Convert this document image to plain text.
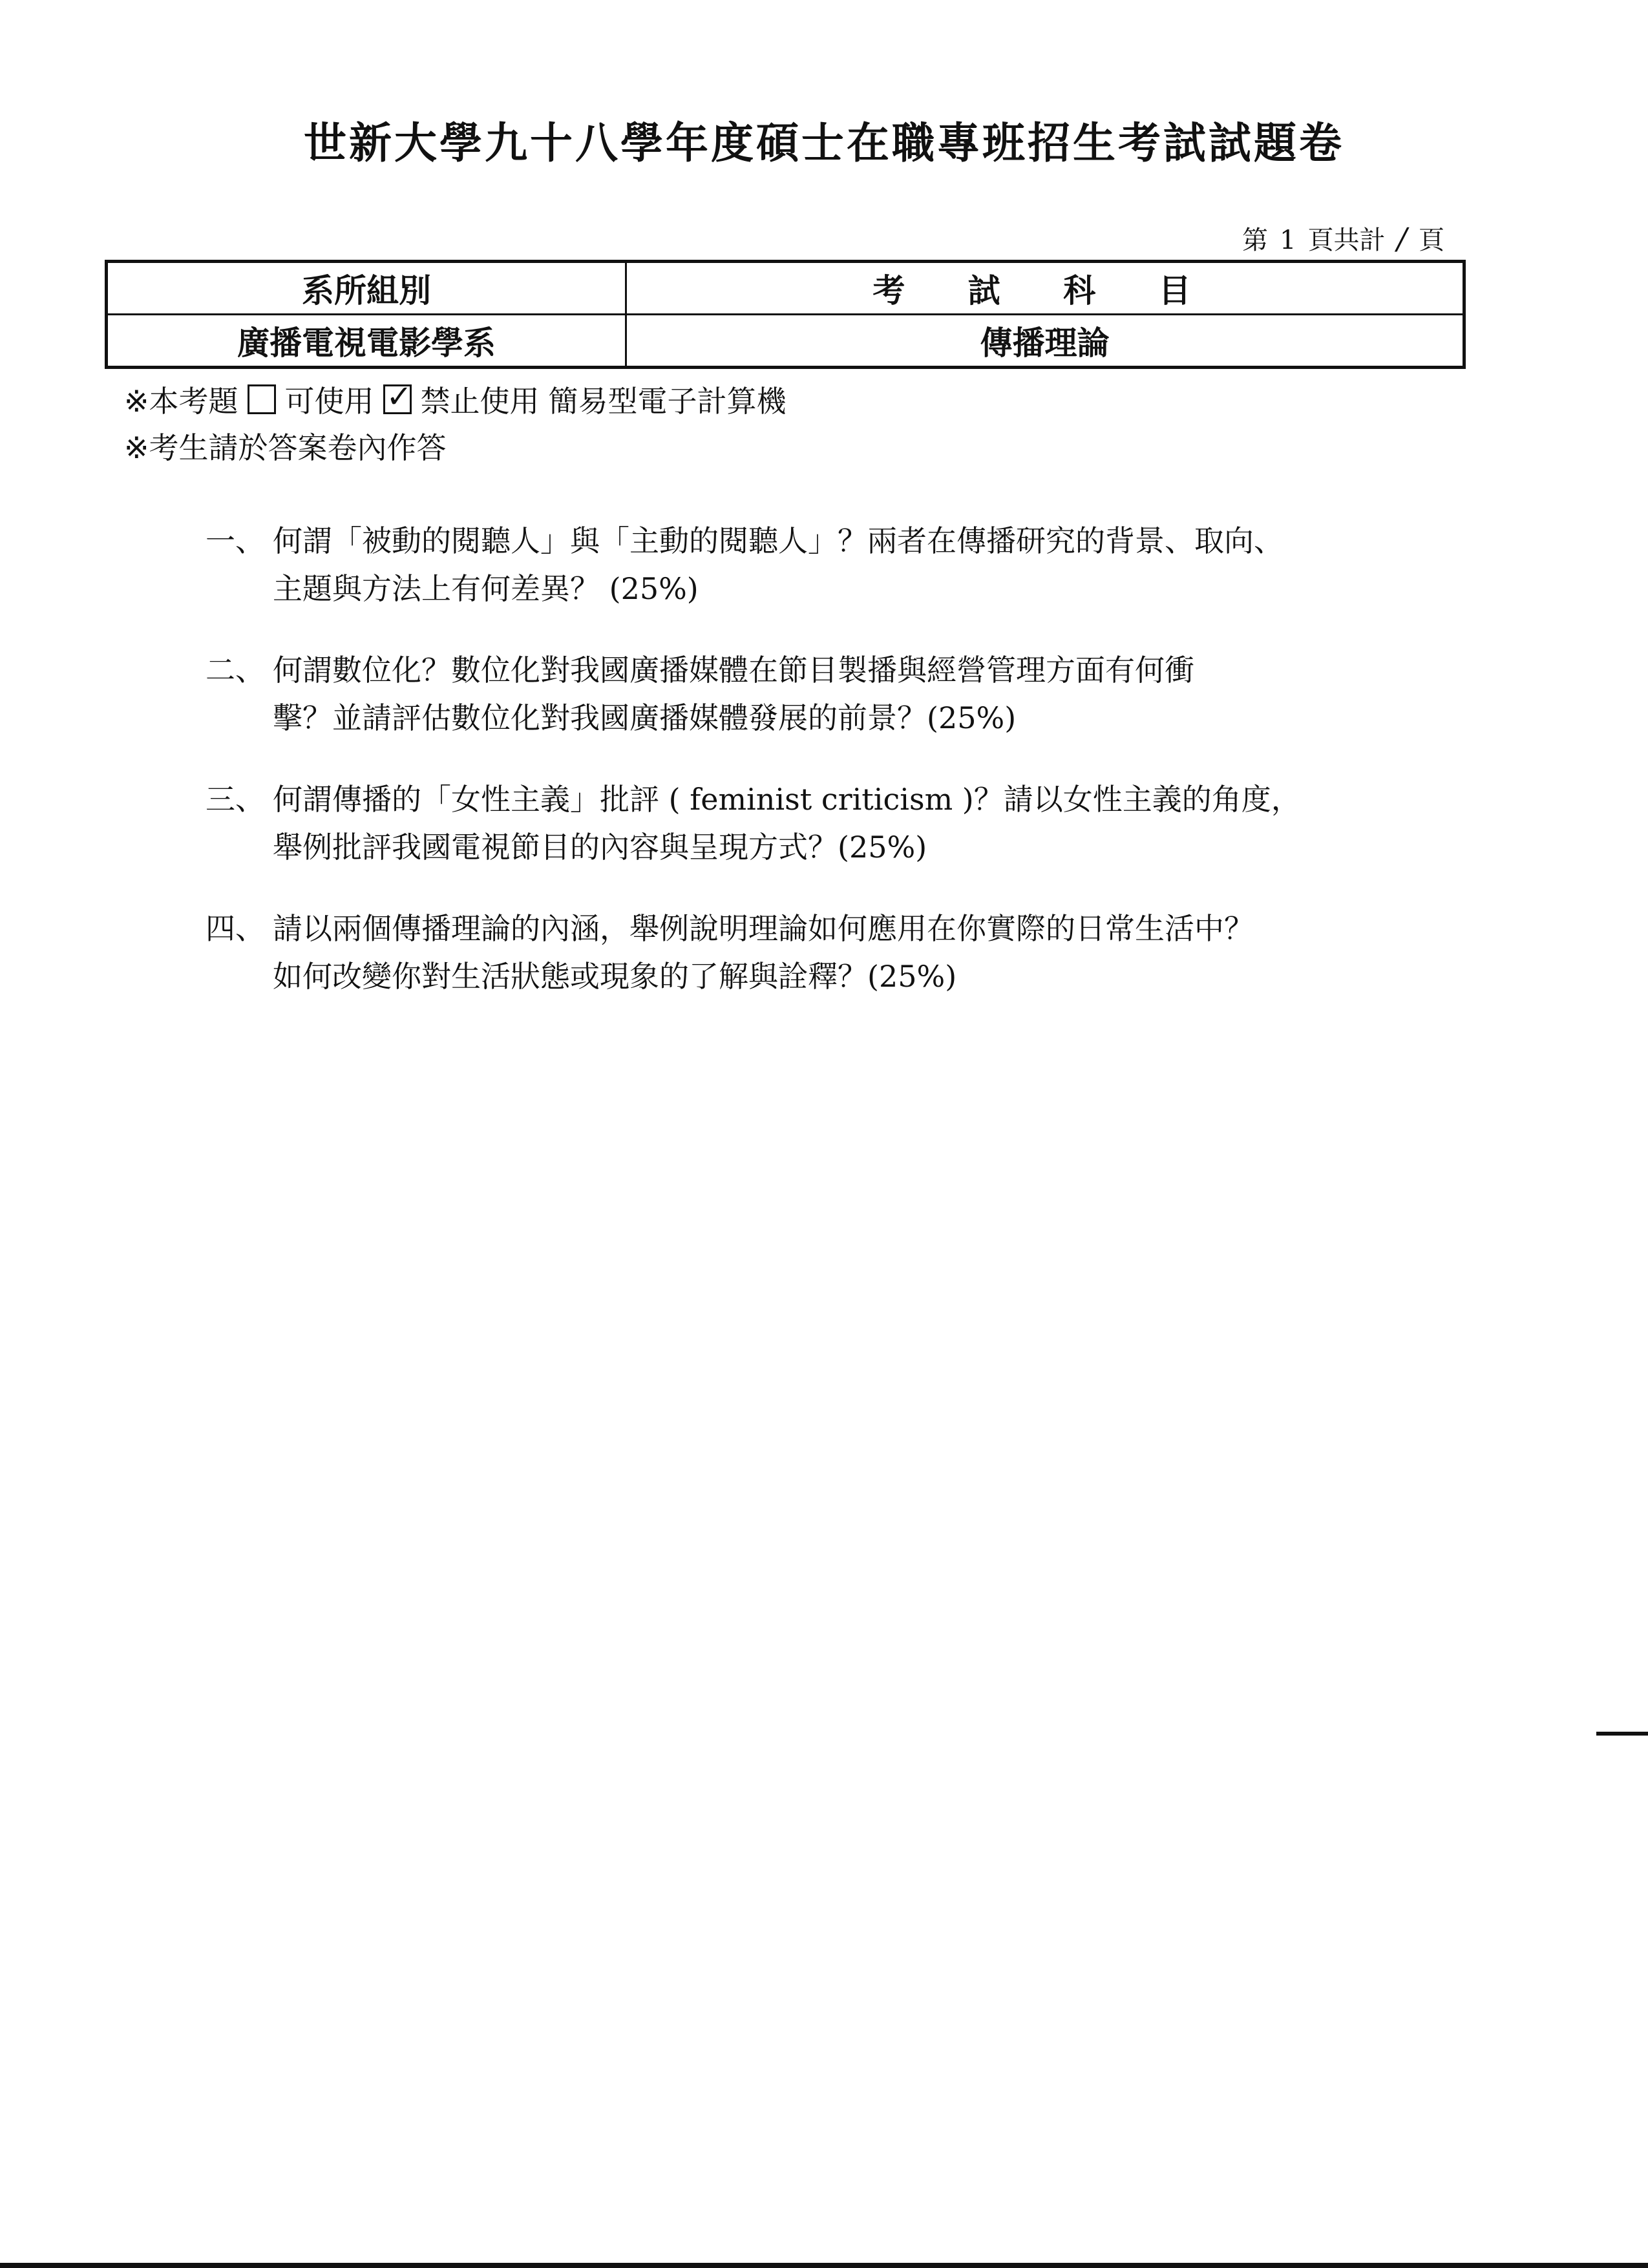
世新大學九十八學年度碩士在職專班招生考試試題卷
第 1 頁共計 / 頁
系所組別	考 試 科 目
廣播電視電影學系	傳播理論
※本考題 可使用 ✓ 禁止使用 簡易型電子計算機
※考生請於答案卷內作答
一、 何謂「被動的閱聽人」與「主動的閱聽人」？兩者在傳播研究的背景、取向、
主題與方法上有何差異？ (25%)
二、 何謂數位化？數位化對我國廣播媒體在節目製播與經營管理方面有何衝
擊？並請評估數位化對我國廣播媒體發展的前景？(25%)
三、 何謂傳播的「女性主義」批評 ( feminist criticism )？請以女性主義的角度，
舉例批評我國電視節目的內容與呈現方式？(25%)
四、 請以兩個傳播理論的內涵，舉例說明理論如何應用在你實際的日常生活中？
如何改變你對生活狀態或現象的了解與詮釋？(25%)
